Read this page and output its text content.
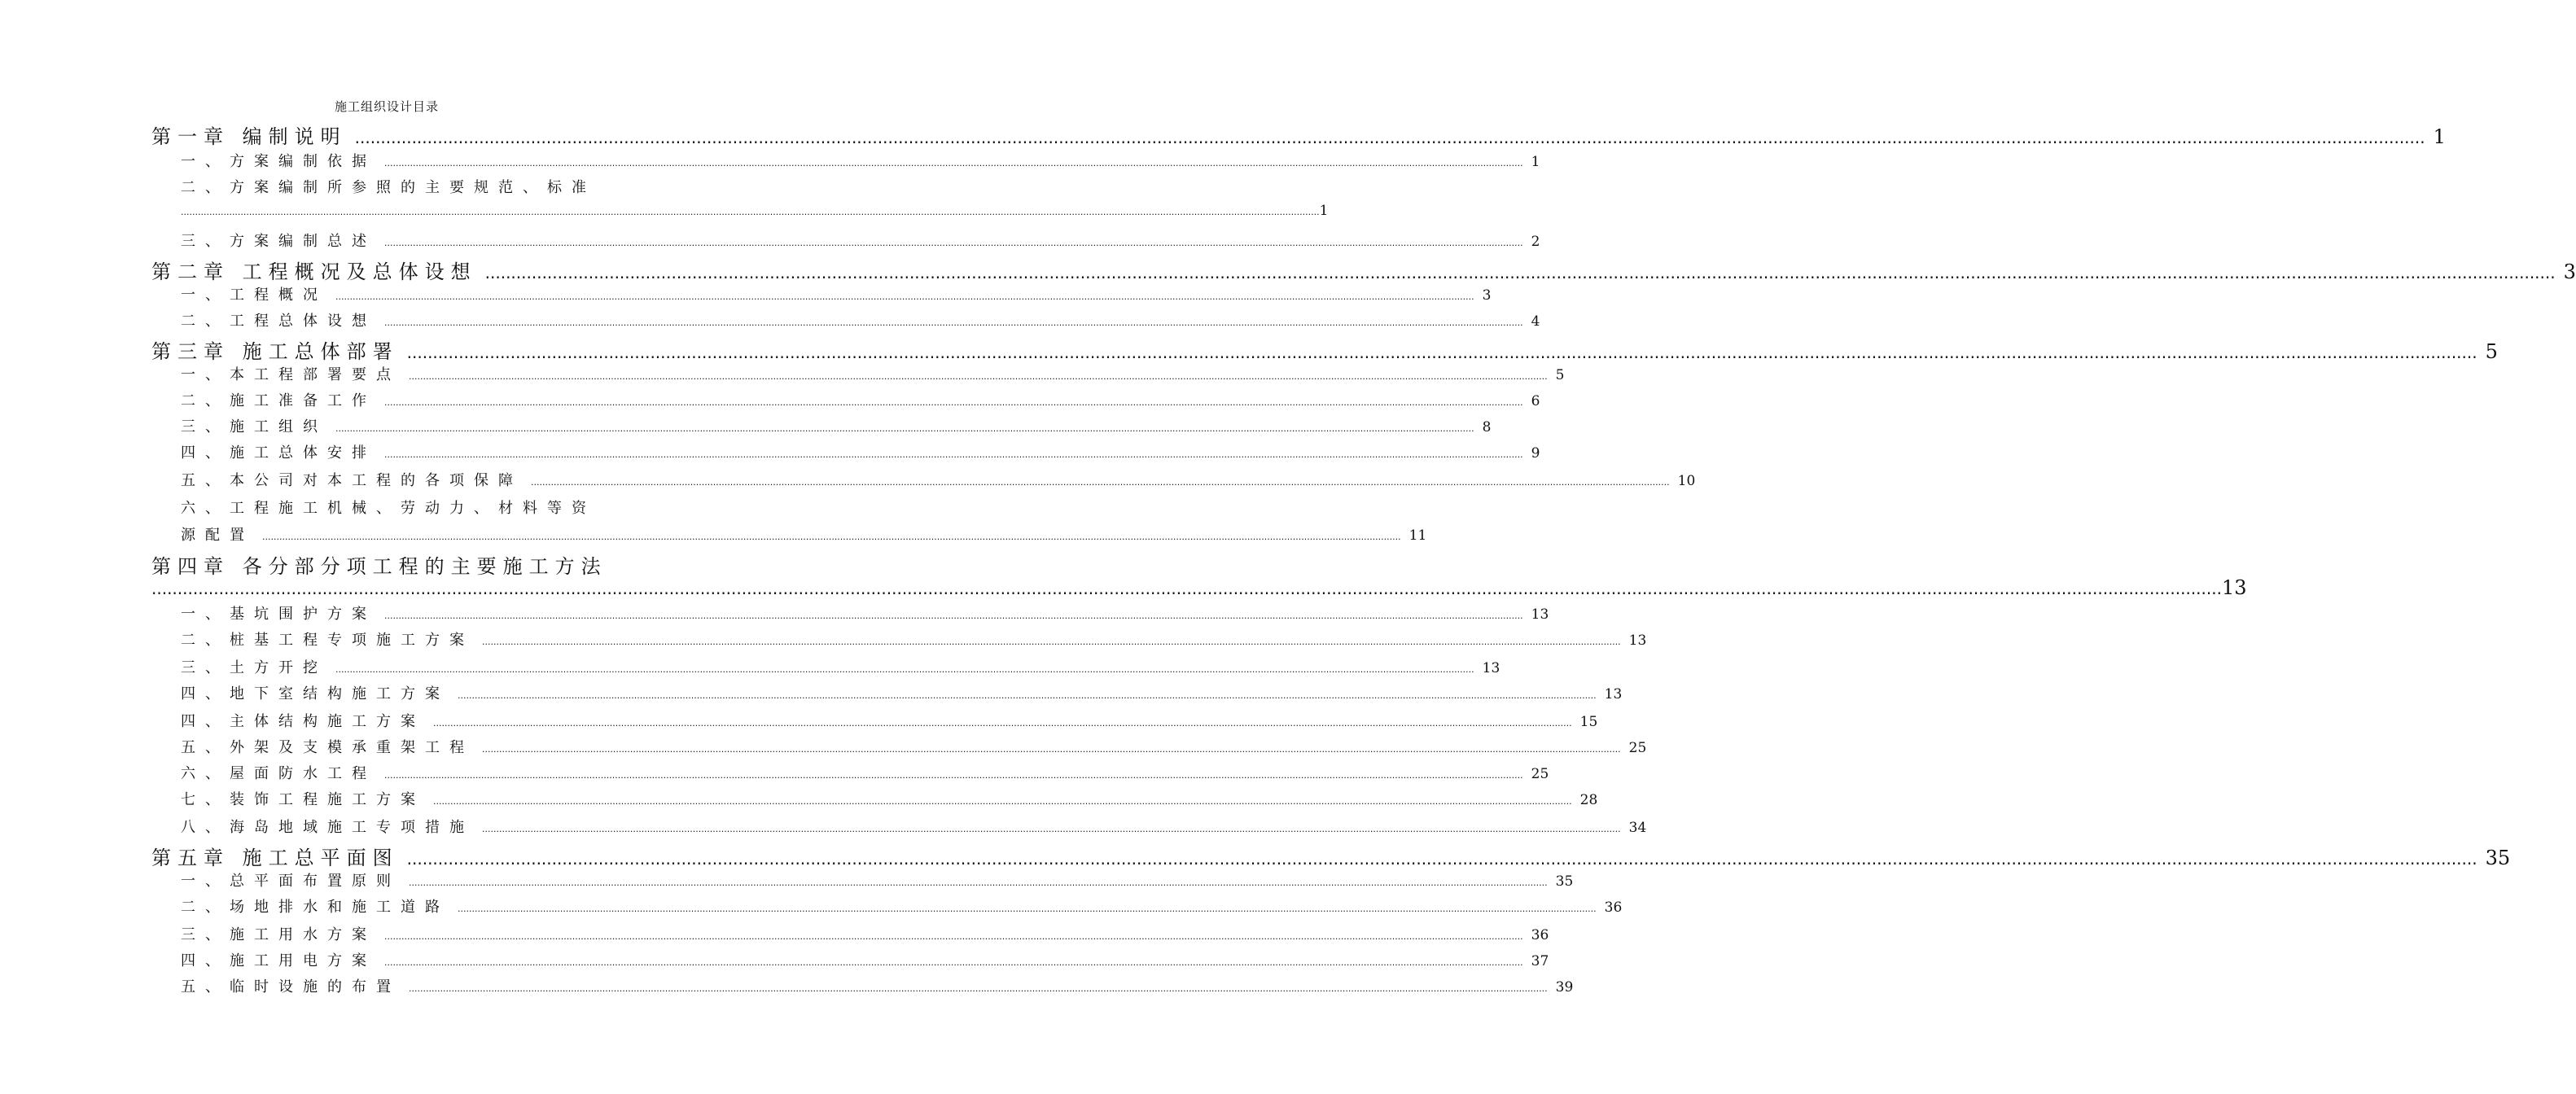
施工组织设计目录
第一章 编制说明 ................................................................................................................................................................................................................................................................................................................................................................................................................ 1
一、方案编制依据 ................................................................................................................................................................................................................................................................................................................................................................................................................ 1
二、方案编制所参照的主要规范、标准
................................................................................................................................................................................................................................................................................................................................................................................................................ 1
三、方案编制总述 ................................................................................................................................................................................................................................................................................................................................................................................................................ 2
第二章 工程概况及总体设想 ................................................................................................................................................................................................................................................................................................................................................................................................................ 3
一、工程概况 ................................................................................................................................................................................................................................................................................................................................................................................................................ 3
二、工程总体设想 ................................................................................................................................................................................................................................................................................................................................................................................................................ 4
第三章 施工总体部署 ................................................................................................................................................................................................................................................................................................................................................................................................................ 5
一、本工程部署要点 ................................................................................................................................................................................................................................................................................................................................................................................................................ 5
二、施工准备工作 ................................................................................................................................................................................................................................................................................................................................................................................................................ 6
三、施工组织 ................................................................................................................................................................................................................................................................................................................................................................................................................ 8
四、施工总体安排 ................................................................................................................................................................................................................................................................................................................................................................................................................ 9
五、本公司对本工程的各项保障 ................................................................................................................................................................................................................................................................................................................................................................................................................ 10
六、工程施工机械、劳动力、材料等资
源配置 ................................................................................................................................................................................................................................................................................................................................................................................................................ 11
第四章 各分部分项工程的主要施工方法
................................................................................................................................................................................................................................................................................................................................................................................................................ 13
一、基坑围护方案 ................................................................................................................................................................................................................................................................................................................................................................................................................ 13
二、桩基工程专项施工方案 ................................................................................................................................................................................................................................................................................................................................................................................................................ 13
三、土方开挖 ................................................................................................................................................................................................................................................................................................................................................................................................................ 13
四、地下室结构施工方案 ................................................................................................................................................................................................................................................................................................................................................................................................................ 13
四、主体结构施工方案 ................................................................................................................................................................................................................................................................................................................................................................................................................ 15
五、外架及支模承重架工程 ................................................................................................................................................................................................................................................................................................................................................................................................................ 25
六、屋面防水工程 ................................................................................................................................................................................................................................................................................................................................................................................................................ 25
七、装饰工程施工方案 ................................................................................................................................................................................................................................................................................................................................................................................................................ 28
八、海岛地域施工专项措施 ................................................................................................................................................................................................................................................................................................................................................................................................................ 34
第五章 施工总平面图 ................................................................................................................................................................................................................................................................................................................................................................................................................ 35
一、总平面布置原则 ................................................................................................................................................................................................................................................................................................................................................................................................................ 35
二、场地排水和施工道路 ................................................................................................................................................................................................................................................................................................................................................................................................................ 36
三、施工用水方案 ................................................................................................................................................................................................................................................................................................................................................................................................................ 36
四、施工用电方案 ................................................................................................................................................................................................................................................................................................................................................................................................................ 37
五、临时设施的布置 ................................................................................................................................................................................................................................................................................................................................................................................................................ 39
